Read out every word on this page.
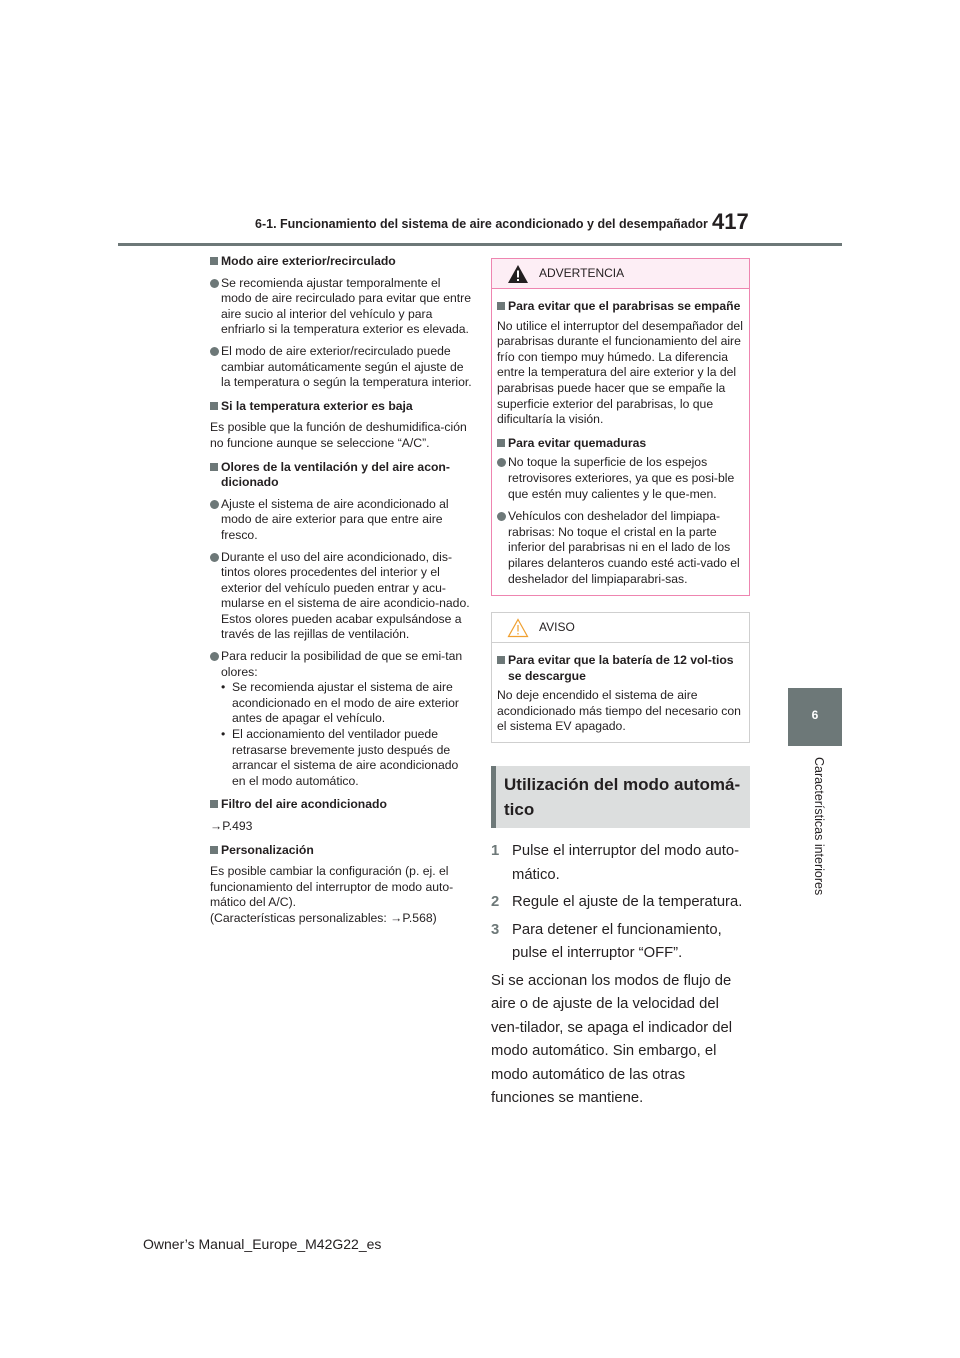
6-1. Funcionamiento del sistema de aire acondicionado y del desempañador 417
6
Características interiores
Modo aire exterior/recirculado
Se recomienda ajustar temporalmente el modo de aire recirculado para evitar que entre aire sucio al interior del vehículo y para enfriarlo si la temperatura exterior es elevada.
El modo de aire exterior/recirculado puede cambiar automáticamente según el ajuste de la temperatura o según la temperatura interior.
Si la temperatura exterior es baja
Es posible que la función de deshumidifica-ción no funcione aunque se seleccione “A/C”.
Olores de la ventilación y del aire acon-dicionado
Ajuste el sistema de aire acondicionado al modo de aire exterior para que entre aire fresco.
Durante el uso del aire acondicionado, dis-tintos olores procedentes del interior y el exterior del vehículo pueden entrar y acu-mularse en el sistema de aire acondicio-nado. Estos olores pueden acabar expulsándose a través de las rejillas de ventilación.
Para reducir la posibilidad de que se emi-tan olores:
• Se recomienda ajustar el sistema de aire acondicionado en el modo de aire exterior antes de apagar el vehículo.
• El accionamiento del ventilador puede retrasarse brevemente justo después de arrancar el sistema de aire acondicionado en el modo automático.
Filtro del aire acondicionado
→P.493
Personalización
Es posible cambiar la configuración (p. ej. el funcionamiento del interruptor de modo auto-mático del A/C).
(Características personalizables: →P.568)
ADVERTENCIA
Para evitar que el parabrisas se empañe
No utilice el interruptor del desempañador del parabrisas durante el funcionamiento del aire frío con tiempo muy húmedo. La diferencia entre la temperatura del aire exterior y la del parabrisas puede hacer que se empañe la superficie exterior del parabrisas, lo que dificultaría la visión.
Para evitar quemaduras
No toque la superficie de los espejos retrovisores exteriores, ya que es posi-ble que estén muy calientes y le que-men.
Vehículos con deshelador del limpiapa-rabrisas: No toque el cristal en la parte inferior del parabrisas ni en el lado de los pilares delanteros cuando esté acti-vado el deshelador del limpiaparabri-sas.
AVISO
Para evitar que la batería de 12 vol-tios se descargue
No deje encendido el sistema de aire acondicionado más tiempo del necesario con el sistema EV apagado.
Utilización del modo automá-tico
1 Pulse el interruptor del modo auto-mático.
2 Regule el ajuste de la temperatura.
3 Para detener el funcionamiento, pulse el interruptor “OFF”.
Si se accionan los modos de flujo de aire o de ajuste de la velocidad del ven-tilador, se apaga el indicador del modo automático. Sin embargo, el modo automático de las otras funciones se mantiene.
Owner’s Manual_Europe_M42G22_es
